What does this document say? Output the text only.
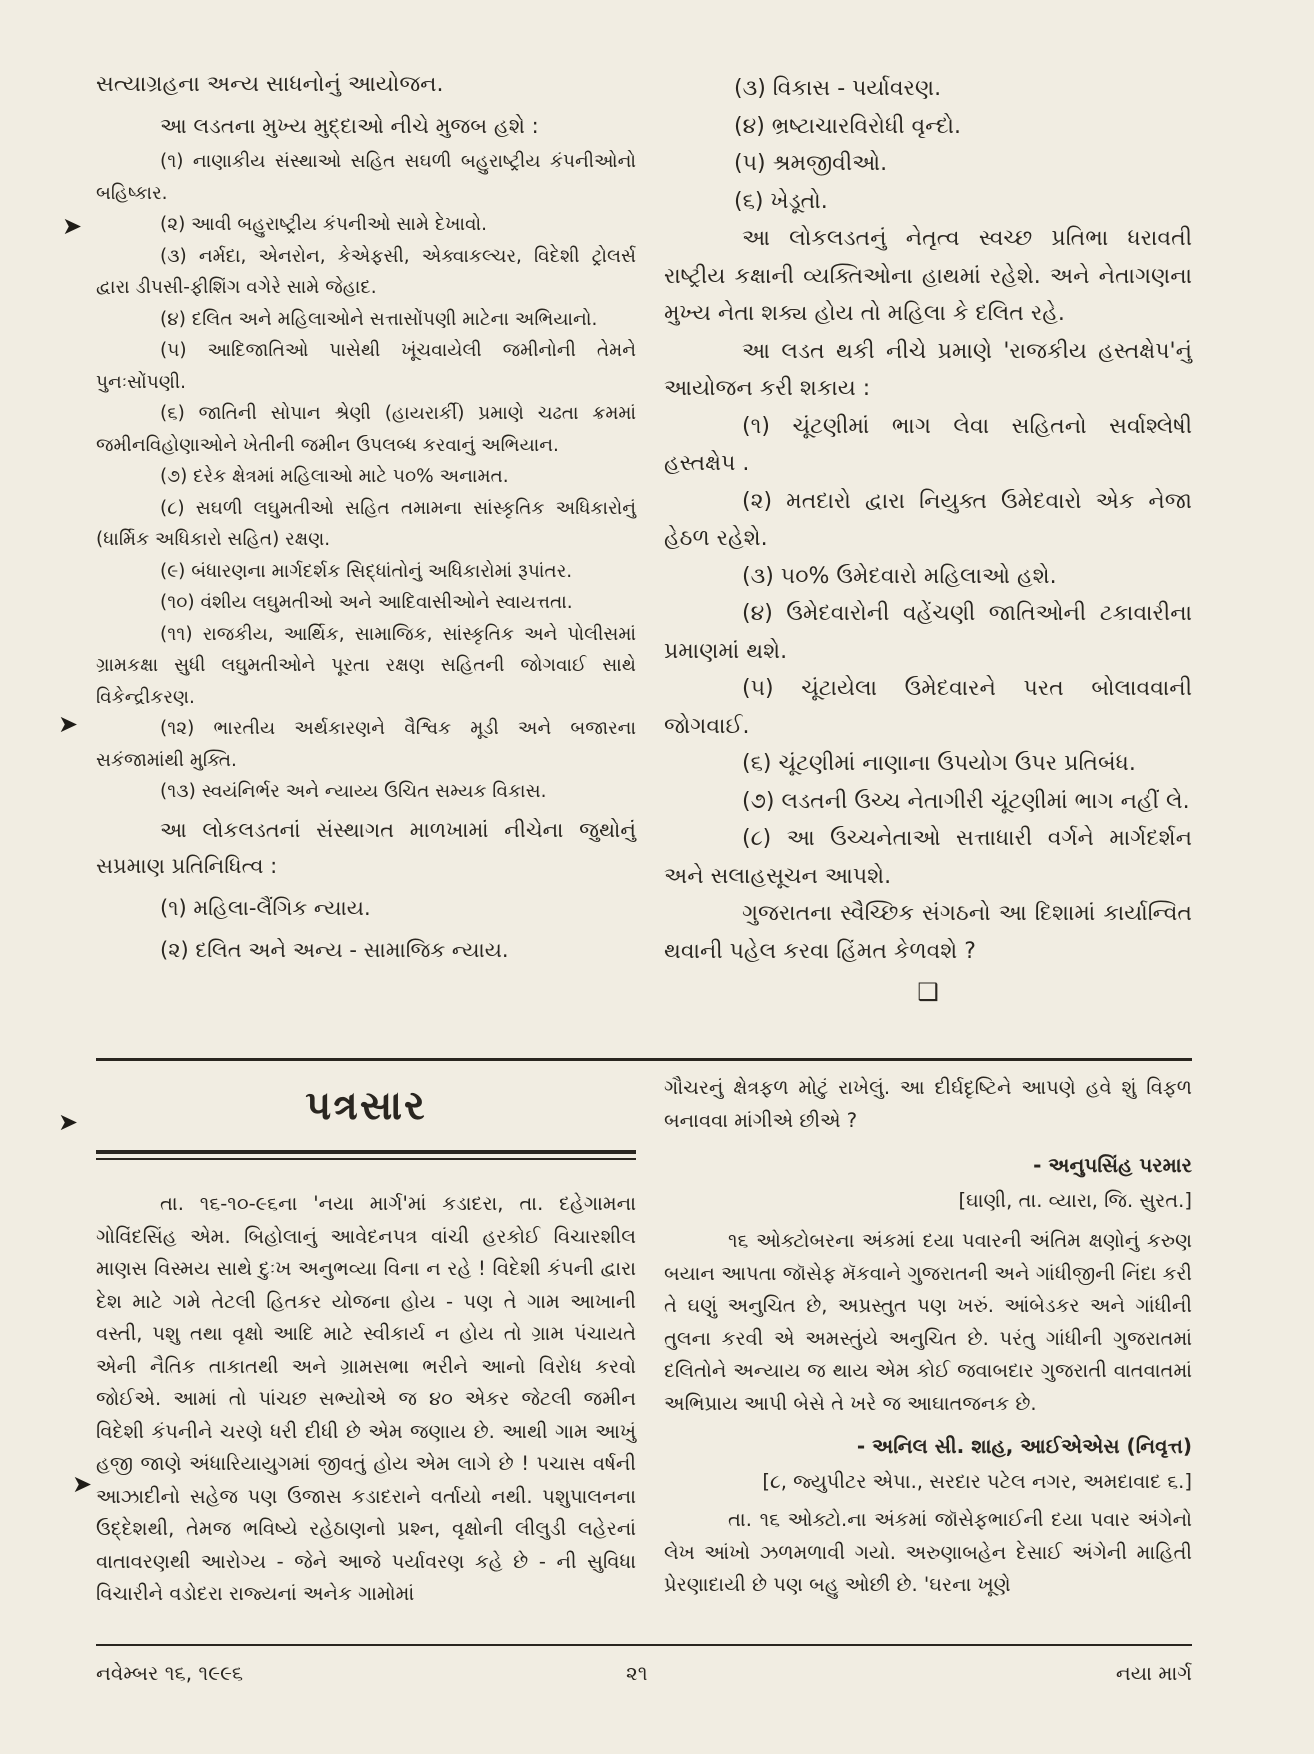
સત્યાગ્રહના અન્ય સાધનોનું આયોજન.

આ લડતના મુખ્ય મુદ્દાઓ નીચે મુજબ હશે :

(૧) નાણાકીય સંસ્થાઓ સહિત સઘળી બહુરાષ્ટ્રીય કંપનીઓનો બહિષ્કાર.

(૨) આવી બહુરાષ્ટ્રીય કંપનીઓ સામે દેખાવો.

(૩) નર્મદા, એનરોન, કેએફસી, એક્વાકલ્ચર, વિદેશી ટ્રોલર્સ દ્વારા ડીપસી-ફીશિંગ વગેરે સામે જેહાદ.

(૪) દલિત અને મહિલાઓને સત્તાસોંપણી માટેના અભિયાનો.

(૫) આદિજાતિઓ પાસેથી ખૂંચવાયેલી જમીનોની તેમને પુનઃસોંપણી.

(૬) જાતિની સોપાન શ્રેણી (હાયરાર્કી) પ્રમાણે ચઢતા ક્રમમાં જમીનવિહોણાઓને ખેતીની જમીન ઉપલબ્ધ કરવાનું અભિયાન.

(૭) દરેક ક્ષેત્રમાં મહિલાઓ માટે ૫૦% અનામત.

(૮) સઘળી લઘુમતીઓ સહિત તમામના સાંસ્કૃતિક અધિકારોનું (ધાર્મિક અધિકારો સહિત) રક્ષણ.

(૯) બંધારણના માર્ગદર્શક સિદ્ધાંતોનું અધિકારોમાં રૂપાંતર.

(૧૦) વંશીય લઘુમતીઓ અને આદિવાસીઓને સ્વાયત્તતા.

(૧૧) રાજકીય, આર્થિક, સામાજિક, સાંસ્કૃતિક અને પોલીસમાં ગ્રામકક્ષા સુધી લઘુમતીઓને પૂરતા રક્ષણ સહિતની જોગવાઈ સાથે વિકેન્દ્રીકરણ.

(૧૨) ભારતીય અર્થકારણને વૈશ્વિક મૂડી અને બજારના સકંજામાંથી મુક્તિ.

(૧૩) સ્વયંનિર્ભર અને ન્યાય્ય ઉચિત સમ્યક વિકાસ.

આ લોકલડતનાં સંસ્થાગત માળખામાં નીચેના જુથોનું સપ્રમાણ પ્રતિનિધિત્વ :

(૧) મહિલા-લૈંગિક ન્યાય.

(૨) દલિત અને અન્ય - સામાજિક ન્યાય.

(૩) વિકાસ - પર્યાવરણ.

(૪) ભ્રષ્ટાચારવિરોધી વૃન્દો.

(૫) શ્રમજીવીઓ.

(૬) ખેડૂતો.

આ લોકલડતનું નેતૃત્વ સ્વચ્છ પ્રતિભા ધરાવતી રાષ્ટ્રીય કક્ષાની વ્યક્તિઓના હાથમાં રહેશે. અને નેતાગણના મુખ્ય નેતા શક્ય હોય તો મહિલા કે દલિત રહે.

આ લડત થકી નીચે પ્રમાણે 'રાજકીય હસ્તક્ષેપ'નું આયોજન કરી શકાય :

(૧) ચૂંટણીમાં ભાગ લેવા સહિતનો સર્વાશ્લેષી હસ્તક્ષેપ .

(૨) મતદારો દ્વારા નિયુક્ત ઉમેદવારો એક નેજા હેઠળ રહેશે.

(૩) ૫૦% ઉમેદવારો મહિલાઓ હશે.

(૪) ઉમેદવારોની વહેંચણી જાતિઓની ટકાવારીના પ્રમાણમાં થશે.

(૫) ચૂંટાયેલા ઉમેદવારને પરત બોલાવવાની જોગવાઈ.

(૬) ચૂંટણીમાં નાણાના ઉપયોગ ઉપર પ્રતિબંધ.

(૭) લડતની ઉચ્ચ નેતાગીરી ચૂંટણીમાં ભાગ નહીં લે.

(૮) આ ઉચ્ચનેતાઓ સત્તાધારી વર્ગને માર્ગદર્શન અને સલાહસૂચન આપશે.

ગુજરાતના સ્વૈચ્છિક સંગઠનો આ દિશામાં કાર્યાન્વિત થવાની પહેલ કરવા હિંમત કેળવશે ?

❑

પત્રસાર

તા. ૧૬-૧૦-૯૬ના 'નયા માર્ગ'માં કડાદરા, તા. દહેગામના ગોવિંદસિંહ એમ. બિહોલાનું આવેદનપત્ર વાંચી હરકોઈ વિચારશીલ માણસ વિસ્મય સાથે દુઃખ અનુભવ્યા વિના ન રહે ! વિદેશી કંપની દ્વારા દેશ માટે ગમે તેટલી હિતકર યોજના હોય - પણ તે ગામ આખાની વસ્તી, પશુ તથા વૃક્ષો આદિ માટે સ્વીકાર્ય ન હોય તો ગ્રામ પંચાયતે એની નૈતિક તાકાતથી અને ગ્રામસભા ભરીને આનો વિરોધ કરવો જોઈએ. આમાં તો પાંચછ સભ્યોએ જ ૪૦ એકર જેટલી જમીન વિદેશી કંપનીને ચરણે ધરી દીધી છે એમ જણાય છે. આથી ગામ આખું હજી જાણે અંધારિયાયુગમાં જીવતું હોય એમ લાગે છે ! પચાસ વર્ષની આઝાદીનો સહેજ પણ ઉજાસ કડાદરાને વર્તાયો નથી. પશુપાલનના ઉદ્દેશથી, તેમજ ભવિષ્યે રહેઠાણનો પ્રશ્ન, વૃક્ષોની લીલુડી લહેરનાં વાતાવરણથી આરોગ્ય - જેને આજે પર્યાવરણ કહે છે - ની સુવિધા વિચારીને વડોદરા રાજ્યનાં અનેક ગામોમાં

ગૌચરનું ક્ષેત્રફળ મોટું રાખેલું. આ દીર્ઘદૃષ્ટિને આપણે હવે શું વિફળ બનાવવા માંગીએ છીએ ?

- અનુપસિંહ પરમાર

[ઘાણી, તા. વ્યારા, જિ. સુરત.]

૧૬ ઓક્ટોબરના અંકમાં દયા પવારની અંતિમ ક્ષણોનું કરુણ બયાન આપતા જૉસેફ મૅકવાને ગુજરાતની અને ગાંધીજીની નિંદા કરી તે ઘણું અનુચિત છે, અપ્રસ્તુત પણ ખરું. આંબેડકર અને ગાંધીની તુલના કરવી એ અમસ્તુંયે અનુચિત છે. પરંતુ ગાંધીની ગુજરાતમાં દલિતોને અન્યાય જ થાય એમ કોઈ જવાબદાર ગુજરાતી વાતવાતમાં અભિપ્રાય આપી બેસે તે ખરે જ આઘાતજનક છે.

- અનિલ સી. શાહ, આઈએએસ (નિવૃત્ત)

[૮, જ્યુપીટર એપા., સરદાર પટેલ નગર, અમદાવાદ ૬.]

તા. ૧૬ ઓક્ટો.ના અંકમાં જૉસેફભાઈની દયા પવાર અંગેનો લેખ આંખો ઝળમળાવી ગયો. અરુણાબહેન દેસાઈ અંગેની માહિતી પ્રેરણાદાયી છે પણ બહુ ઓછી છે. 'ઘરના ખૂણે

નવેમ્બર ૧૬, ૧૯૯૬	૨૧	નયા માર્ગ
➤
➤
➤
➤
